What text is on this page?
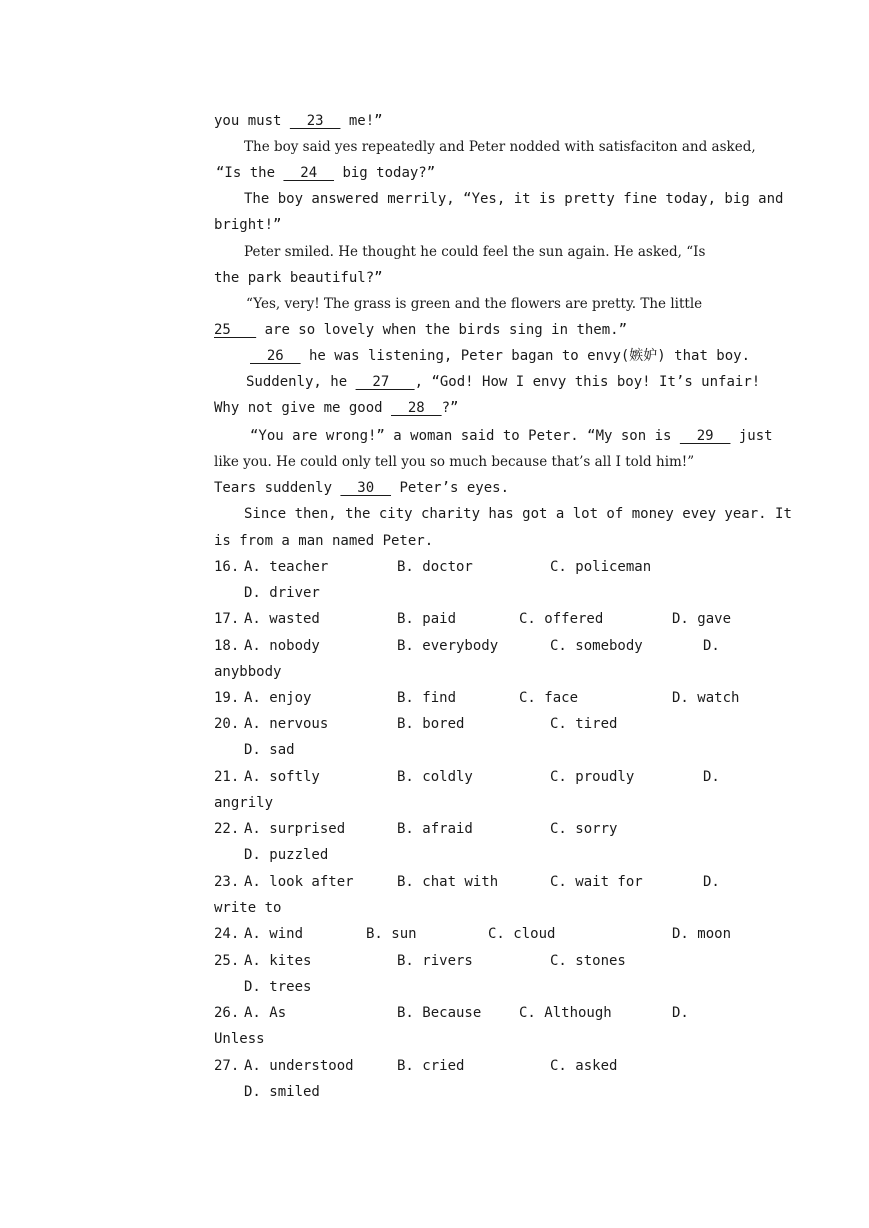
you must   23   me!”
The boy said yes repeatedly and Peter nodded with satisfaciton and asked,
“Is the   24   big today?”
The boy answered merrily, “Yes, it is pretty fine today, big and
bright!”
Peter smiled. He thought he could feel the sun again. He asked, “Is
the park beautiful?”
“Yes, very! The grass is green and the flowers are pretty. The little
25    are so lovely when the birds sing in them.”
26   he was listening, Peter bagan to envy(嫉妒) that boy.
Suddenly, he   27   , “God! How I envy this boy! It’s unfair!
Why not give me good   28  ?”
“You are wrong!” a woman said to Peter. “My son is   29   just
like you. He could only tell you so much because that’s all I told him!”
Tears suddenly   30   Peter’s eyes.
Since then, the city charity has got a lot of money evey year. It
is from a man named Peter.
16. A. teacher	B. doctor	C. policeman
D. driver
17. A. wasted	B. paid	C. offered	D. gave
18. A. nobody	B. everybody	C. somebody	D.
anybbody
19. A. enjoy	B. find	C. face	D. watch
20. A. nervous	B. bored	C. tired
D. sad
21. A. softly	B. coldly	C. proudly	D.
angrily
22. A. surprised	B. afraid	C. sorry
D. puzzled
23. A. look after	B. chat with	C. wait for	D.
write to
24. A. wind	B. sun	C. cloud	D. moon
25. A. kites	B. rivers	C. stones
D. trees
26. A. As	B. Because	C. Although	D.
Unless
27. A. understood	B. cried	C. asked
D. smiled
